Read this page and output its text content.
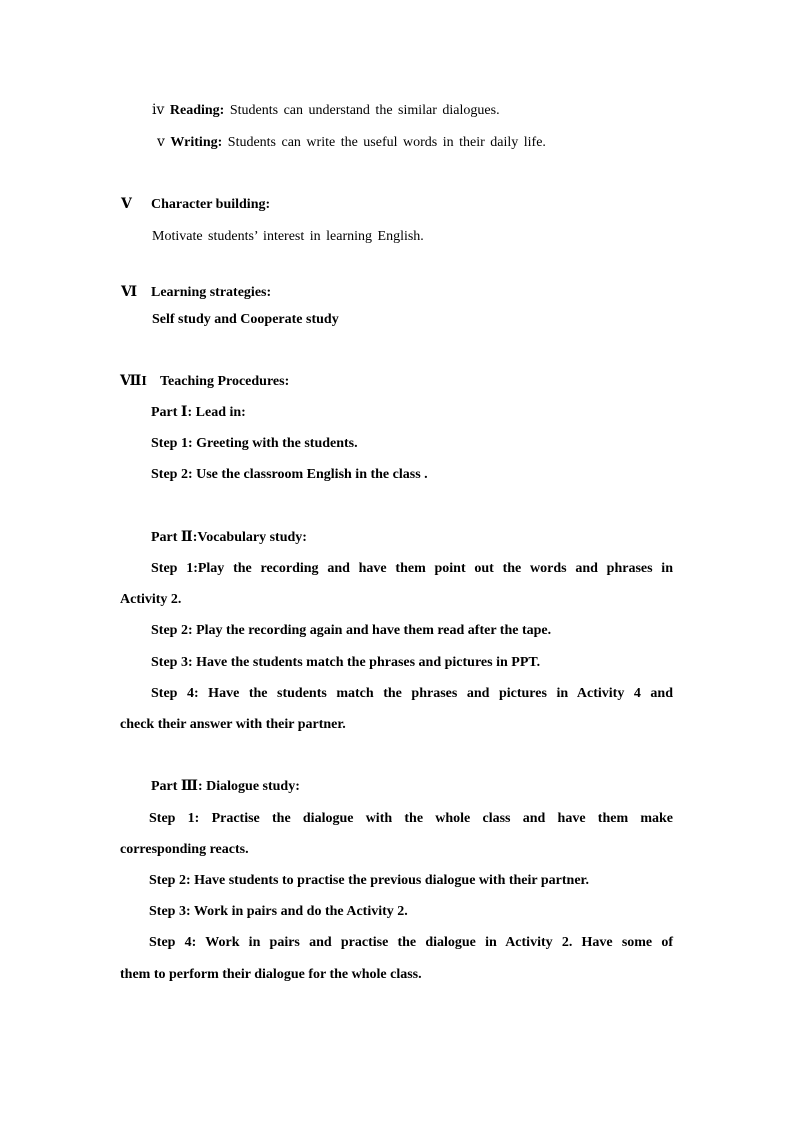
ⅳ Reading: Students can understand the similar dialogues.
ⅴ Writing: Students can write the useful words in their daily life.
Ⅴ Character building:
Motivate students’ interest in learning English.
Ⅵ Learning strategies:
Self study and Cooperate study
ⅦI Teaching Procedures:
Part Ⅰ: Lead in:
Step 1: Greeting with the students.
Step 2: Use the classroom English in the class .
Part Ⅱ:Vocabulary study:
Step 1:Play the recording and have them point out the words and phrases in
Activity 2.
Step 2: Play the recording again and have them read after the tape.
Step 3: Have the students match the phrases and pictures in PPT.
Step 4: Have the students match the phrases and pictures in Activity 4 and
check their answer with their partner.
Part Ⅲ: Dialogue study:
Step 1: Practise the dialogue with the whole class and have them make
corresponding reacts.
Step 2: Have students to practise the previous dialogue with their partner.
Step 3: Work in pairs and do the Activity 2.
Step 4: Work in pairs and practise the dialogue in Activity 2. Have some of
them to perform their dialogue for the whole class.
